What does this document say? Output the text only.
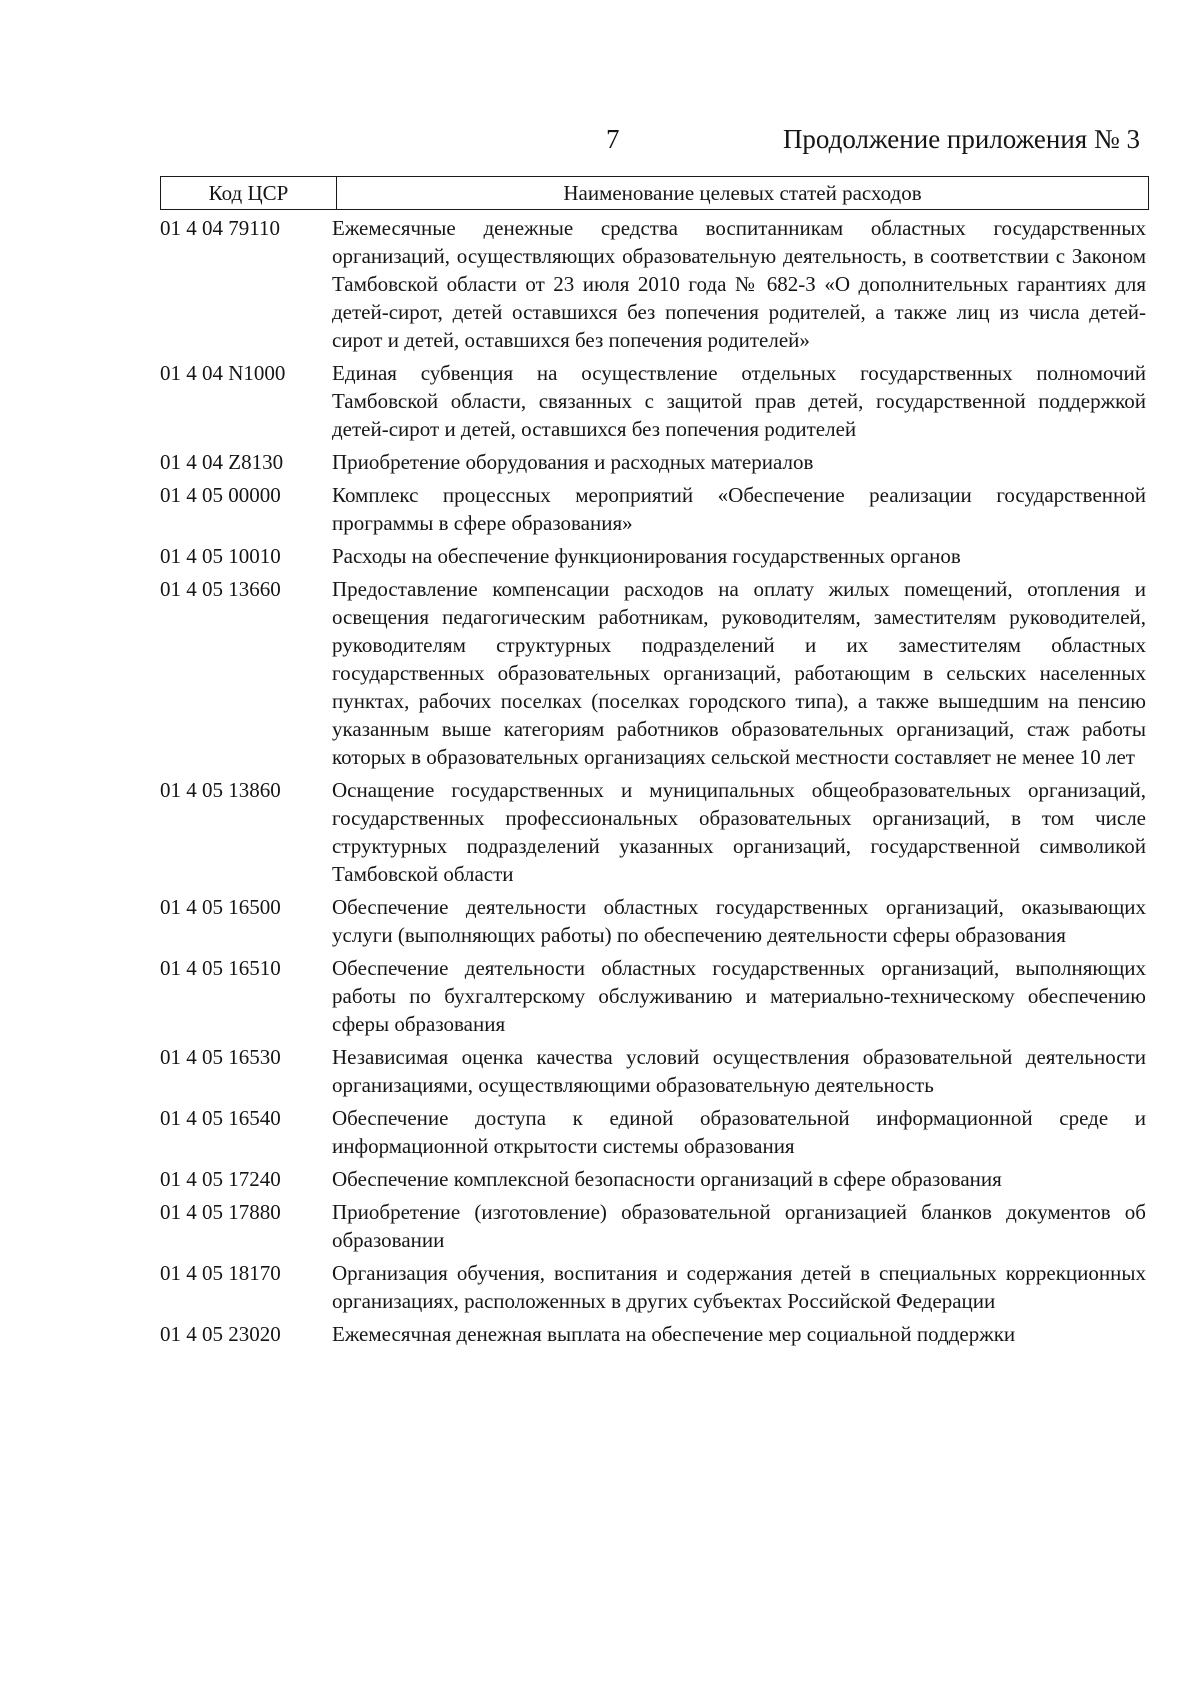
7	Продолжение приложения № 3
Код ЦСР	Наименование целевых статей расходов
01 4 04 79110	Ежемесячные денежные средства воспитанникам областных государственных организаций, осуществляющих образовательную деятельность, в соответствии с Законом Тамбовской области от 23 июля 2010 года № 682-З «О дополнительных гарантиях для детей-сирот, детей оставшихся без попечения родителей, а также лиц из числа детей-сирот и детей, оставшихся без попечения родителей»
01 4 04 N1000	Единая субвенция на осуществление отдельных государственных полномочий Тамбовской области, связанных с защитой прав детей, государственной поддержкой детей-сирот и детей, оставшихся без попечения родителей
01 4 04 Z8130	Приобретение оборудования и расходных материалов
01 4 05 00000	Комплекс процессных мероприятий «Обеспечение реализации государственной программы в сфере образования»
01 4 05 10010	Расходы на обеспечение функционирования государственных органов
01 4 05 13660	Предоставление компенсации расходов на оплату жилых помещений, отопления и освещения педагогическим работникам, руководителям, заместителям руководителей, руководителям структурных подразделений и их заместителям областных государственных образовательных организаций, работающим в сельских населенных пунктах, рабочих поселках (поселках городского типа), а также вышедшим на пенсию указанным выше категориям работников образовательных организаций, стаж работы которых в образовательных организациях сельской местности составляет не менее 10 лет
01 4 05 13860	Оснащение государственных и муниципальных общеобразовательных организаций, государственных профессиональных образовательных организаций, в том числе структурных подразделений указанных организаций, государственной символикой Тамбовской области
01 4 05 16500	Обеспечение деятельности областных государственных организаций, оказывающих услуги (выполняющих работы) по обеспечению деятельности сферы образования
01 4 05 16510	Обеспечение деятельности областных государственных организаций, выполняющих работы по бухгалтерскому обслуживанию и материально-техническому обеспечению сферы образования
01 4 05 16530	Независимая оценка качества условий осуществления образовательной деятельности организациями, осуществляющими образовательную деятельность
01 4 05 16540	Обеспечение доступа к единой образовательной информационной среде и информационной открытости системы образования
01 4 05 17240	Обеспечение комплексной безопасности организаций в сфере образования
01 4 05 17880	Приобретение (изготовление) образовательной организацией бланков документов об образовании
01 4 05 18170	Организация обучения, воспитания и содержания детей в специальных коррекционных организациях, расположенных в других субъектах Российской Федерации
01 4 05 23020	Ежемесячная денежная выплата на обеспечение мер социальной поддержки
